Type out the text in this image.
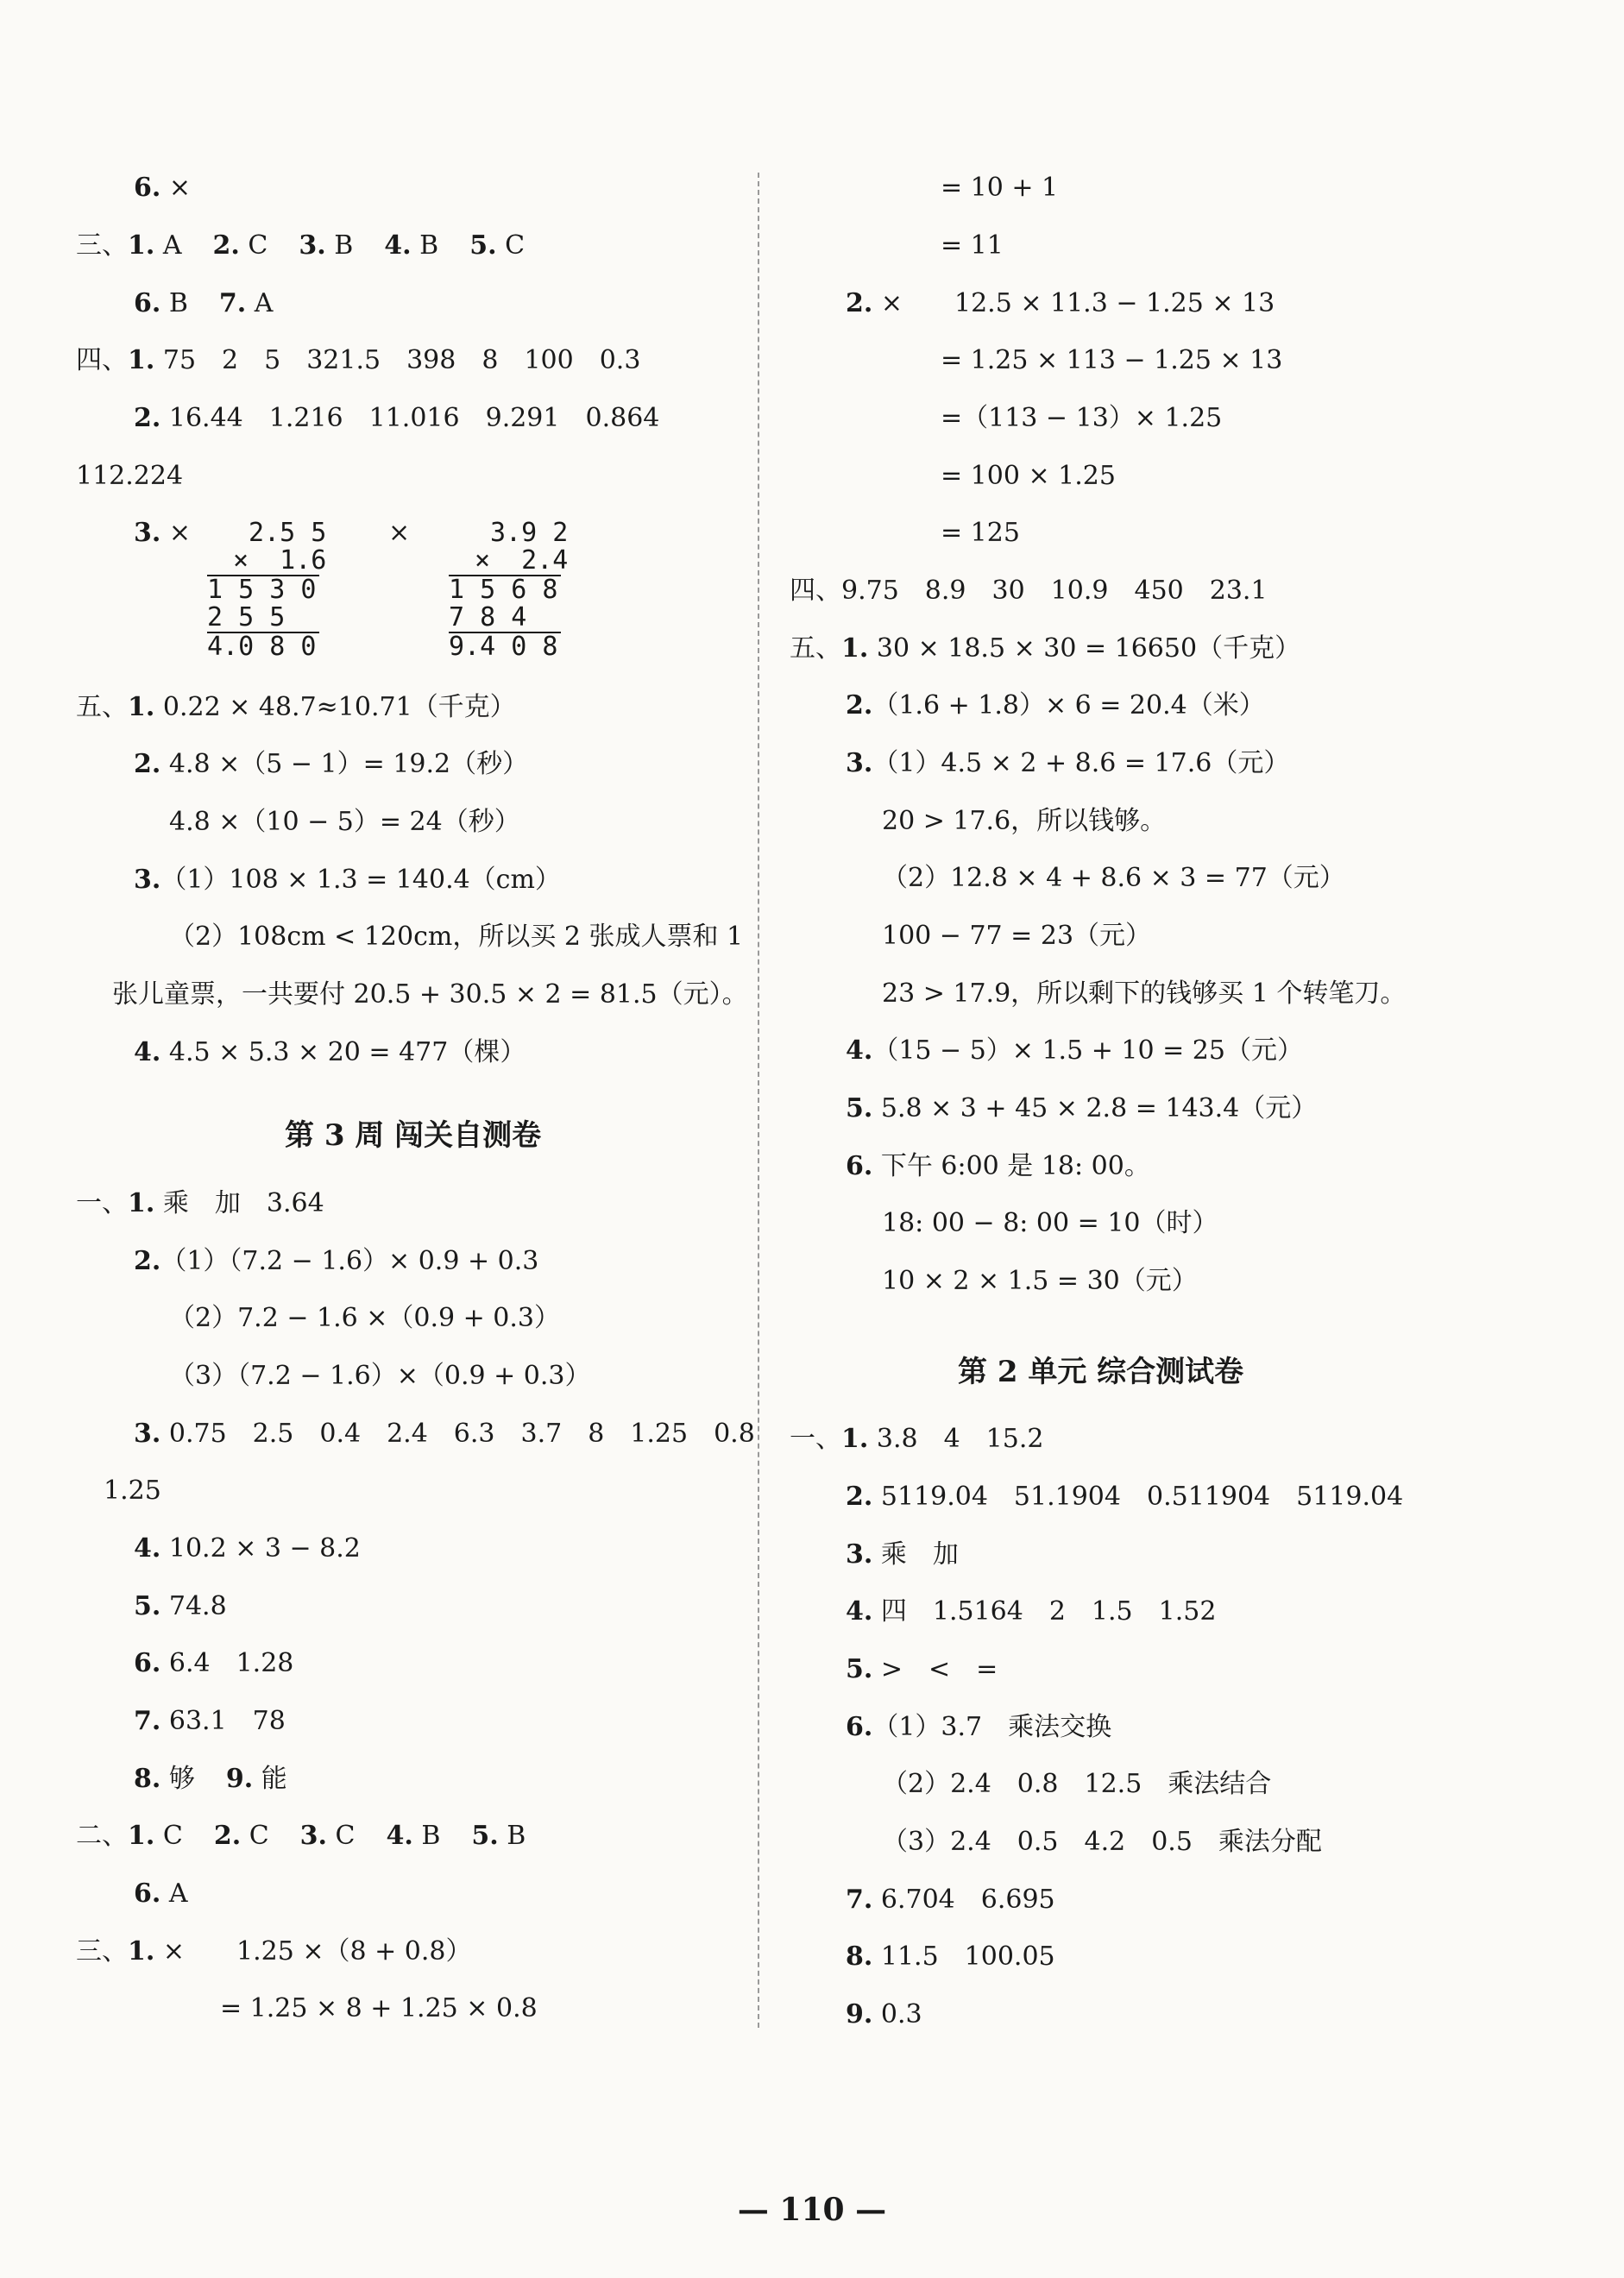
第 3 周 闯关自测卷
第 2 单元 综合测试卷
2.5 5
×  1.6
1 5 3 0
2 5 5
4.0 8 0
×	3.9 2
×  2.4
1 5 6 8
7 8 4
9.4 0 8
— 110 —
6. ×
三、1. A 2. C 3. B 4. B 5. C
6. B 7. A
四、1. 75　2　5　321.5　398　8　100　0.3
2. 16.44　1.216　11.016　9.291　0.864
112.224
3. ×
五、1. 0.22 × 48.7≈10.71（千克）
2. 4.8 ×（5 − 1）= 19.2（秒）
4.8 ×（10 − 5）= 24（秒）
3.（1）108 × 1.3 = 140.4（cm）
（2）108cm < 120cm，所以买 2 张成人票和 1
张儿童票，一共要付 20.5 + 30.5 × 2 = 81.5（元）。
4. 4.5 × 5.3 × 20 = 477（棵）
一、1. 乘　加　3.64
2.（1）（7.2 − 1.6）× 0.9 + 0.3
（2）7.2 − 1.6 ×（0.9 + 0.3）
（3）（7.2 − 1.6）×（0.9 + 0.3）
3. 0.75　2.5　0.4　2.4　6.3　3.7　8　1.25　0.8
1.25
4. 10.2 × 3 − 8.2
5. 74.8
6. 6.4　1.28
7. 63.1　78
8. 够 9. 能
二、1. C 2. C 3. C 4. B 5. B
6. A
三、1. ×　　1.25 ×（8 + 0.8）
= 1.25 × 8 + 1.25 × 0.8
= 10 + 1
= 11
2. ×　　12.5 × 11.3 − 1.25 × 13
= 1.25 × 113 − 1.25 × 13
=（113 − 13）× 1.25
= 100 × 1.25
= 125
四、9.75　8.9　30　10.9　450　23.1
五、1. 30 × 18.5 × 30 = 16650（千克）
2.（1.6 + 1.8）× 6 = 20.4（米）
3.（1）4.5 × 2 + 8.6 = 17.6（元）
20 > 17.6，所以钱够。
（2）12.8 × 4 + 8.6 × 3 = 77（元）
100 − 77 = 23（元）
23 > 17.9，所以剩下的钱够买 1 个转笔刀。
4.（15 − 5）× 1.5 + 10 = 25（元）
5. 5.8 × 3 + 45 × 2.8 = 143.4（元）
6. 下午 6:00 是 18: 00。
18: 00 − 8: 00 = 10（时）
10 × 2 × 1.5 = 30（元）
一、1. 3.8　4　15.2
2. 5119.04　51.1904　0.511904　5119.04
3. 乘　加
4. 四　1.5164　2　1.5　1.52
5. >　<　=
6.（1）3.7　乘法交换
（2）2.4　0.8　12.5　乘法结合
（3）2.4　0.5　4.2　0.5　乘法分配
7. 6.704　6.695
8. 11.5　100.05
9. 0.3
